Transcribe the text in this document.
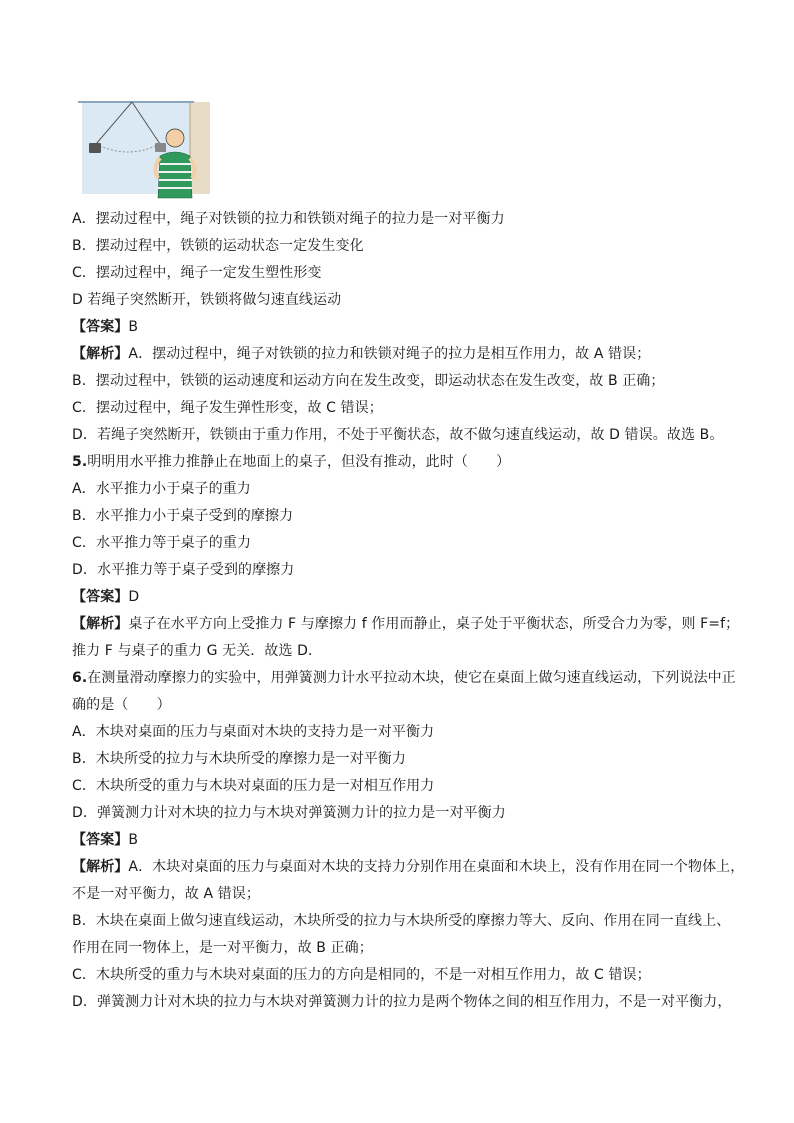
A．摆动过程中，绳子对铁锁的拉力和铁锁对绳子的拉力是一对平衡力
B．摆动过程中，铁锁的运动状态一定发生变化
C．摆动过程中，绳子一定发生塑性形变
D 若绳子突然断开，铁锁将做匀速直线运动
【答案】B
【解析】A．摆动过程中，绳子对铁锁的拉力和铁锁对绳子的拉力是相互作用力，故 A 错误；
B．摆动过程中，铁锁的运动速度和运动方向在发生改变，即运动状态在发生改变，故 B 正确；
C．摆动过程中，绳子发生弹性形变，故 C 错误；
D．若绳子突然断开，铁锁由于重力作用，不处于平衡状态，故不做匀速直线运动，故 D 错误。故选 B。
5.明明用水平推力推静止在地面上的桌子，但没有推动，此时（　　）
A．水平推力小于桌子的重力
B．水平推力小于桌子受到的摩擦力
C．水平推力等于桌子的重力
D．水平推力等于桌子受到的摩擦力
【答案】D
【解析】桌子在水平方向上受推力 F 与摩擦力 f 作用而静止，桌子处于平衡状态，所受合力为零，则 F=f；
推力 F 与桌子的重力 G 无关．故选 D．
6.在测量滑动摩擦力的实验中，用弹簧测力计水平拉动木块，使它在桌面上做匀速直线运动，下列说法中正
确的是（　　）
A．木块对桌面的压力与桌面对木块的支持力是一对平衡力
B．木块所受的拉力与木块所受的摩擦力是一对平衡力
C．木块所受的重力与木块对桌面的压力是一对相互作用力
D．弹簧测力计对木块的拉力与木块对弹簧测力计的拉力是一对平衡力
【答案】B
【解析】A．木块对桌面的压力与桌面对木块的支持力分别作用在桌面和木块上，没有作用在同一个物体上，
不是一对平衡力，故 A 错误；
B．木块在桌面上做匀速直线运动，木块所受的拉力与木块所受的摩擦力等大、反向、作用在同一直线上、
作用在同一物体上，是一对平衡力，故 B 正确；
C．木块所受的重力与木块对桌面的压力的方向是相同的，不是一对相互作用力，故 C 错误；
D．弹簧测力计对木块的拉力与木块对弹簧测力计的拉力是两个物体之间的相互作用力，不是一对平衡力，
